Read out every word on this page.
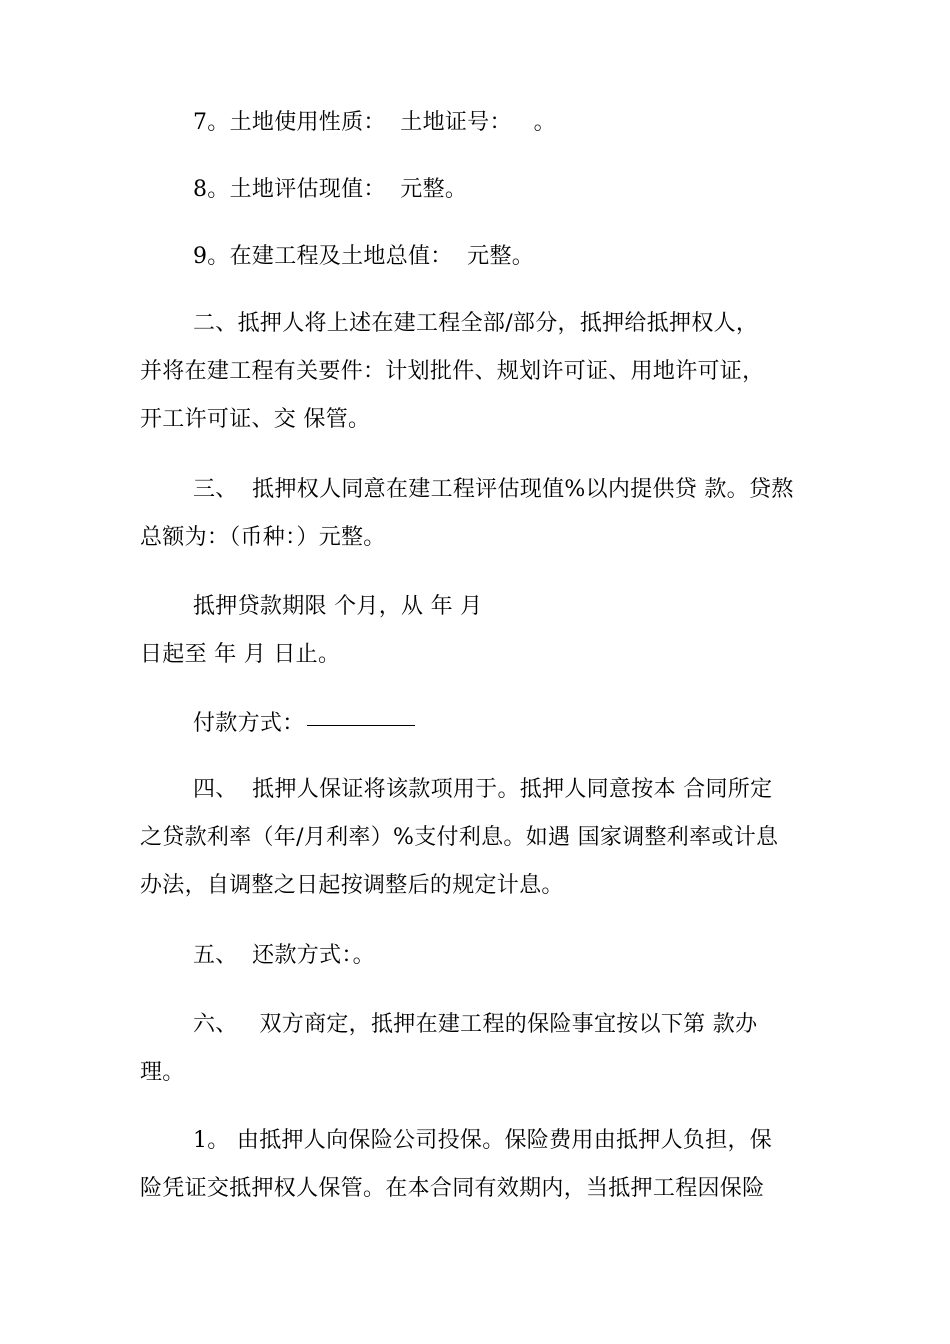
7。土地使用性质：  土地证号：   。
8。土地评估现值：  元整。
9。在建工程及土地总值：  元整。
二、抵押人将上述在建工程全部/部分，抵押给抵押权人，
并将在建工程有关要件：计划批件、规划许可证、用地许可证，
开工许可证、交 保管。
三、  抵押权人同意在建工程评估现值%以内提供贷 款。贷熬
总额为：（币种：）元整。
抵押贷款期限 个月，从 年 月
日起至 年 月 日止。
付款方式：
四、  抵押人保证将该款项用于。抵押人同意按本 合同所定
之贷款利率（年/月利率）%支付利息。如遇 国家调整利率或计息
办法，自调整之日起按调整后的规定计息。
五、  还款方式：。
六、   双方商定，抵押在建工程的保险事宜按以下第 款办
理。
1。 由抵押人向保险公司投保。保险费用由抵押人负担，保
险凭证交抵押权人保管。在本合同有效期内，当抵押工程因保险
